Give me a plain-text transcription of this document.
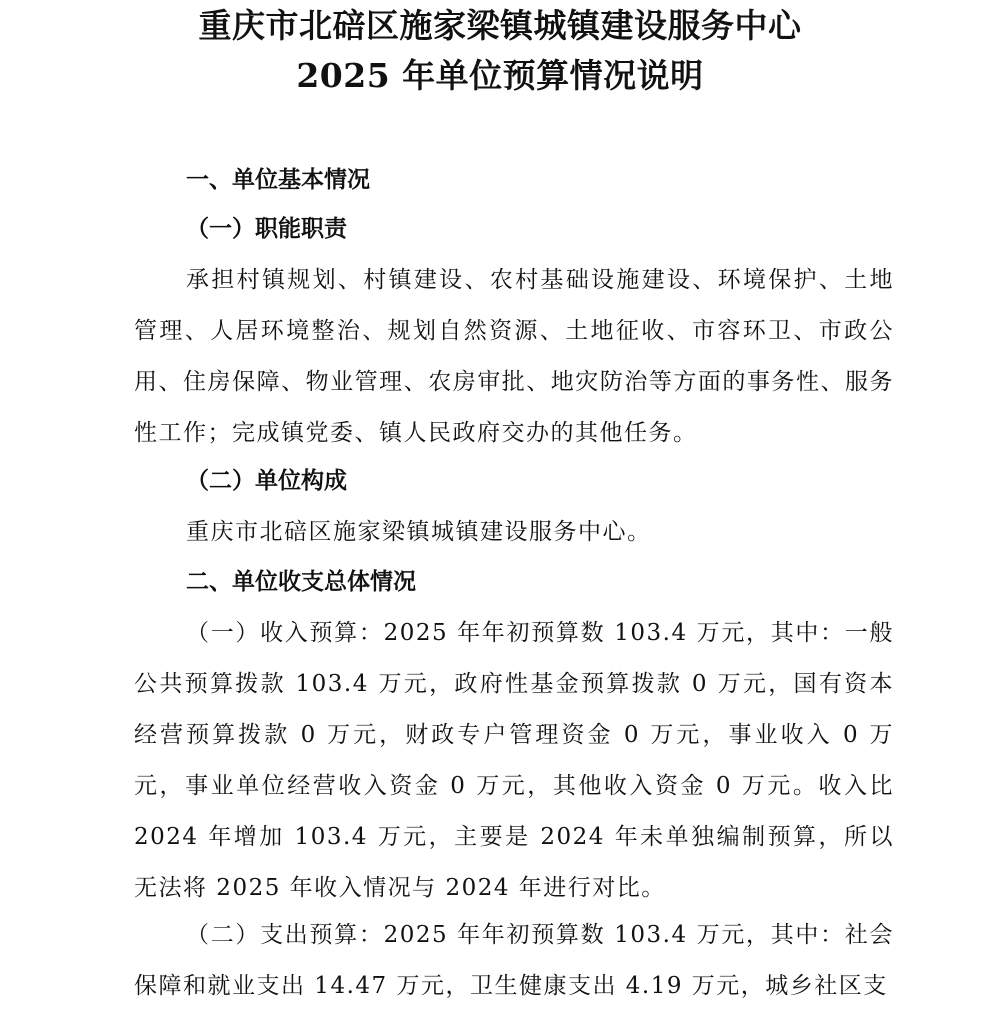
重庆市北碚区施家梁镇城镇建设服务中心
2025 年单位预算情况说明
一、单位基本情况
（一）职能职责

承担村镇规划、村镇建设、农村基础设施建设、环境保护、土地管理、人居环境整治、规划自然资源、土地征收、市容环卫、市政公用、住房保障、物业管理、农房审批、地灾防治等方面的事务性、服务性工作；完成镇党委、镇人民政府交办的其他任务。

（二）单位构成

重庆市北碚区施家梁镇城镇建设服务中心。

二、单位收支总体情况

（一）收入预算：2025 年年初预算数 103.4 万元，其中：一般公共预算拨款 103.4 万元，政府性基金预算拨款 0 万元，国有资本经营预算拨款 0 万元，财政专户管理资金 0 万元，事业收入 0 万元，事业单位经营收入资金 0 万元，其他收入资金 0 万元。收入比 2024 年增加 103.4 万元，主要是 2024 年未单独编制预算，所以无法将 2025 年收入情况与 2024 年进行对比。

（二）支出预算：2025 年年初预算数 103.4 万元，其中：社会保障和就业支出 14.47 万元，卫生健康支出 4.19 万元，城乡社区支
